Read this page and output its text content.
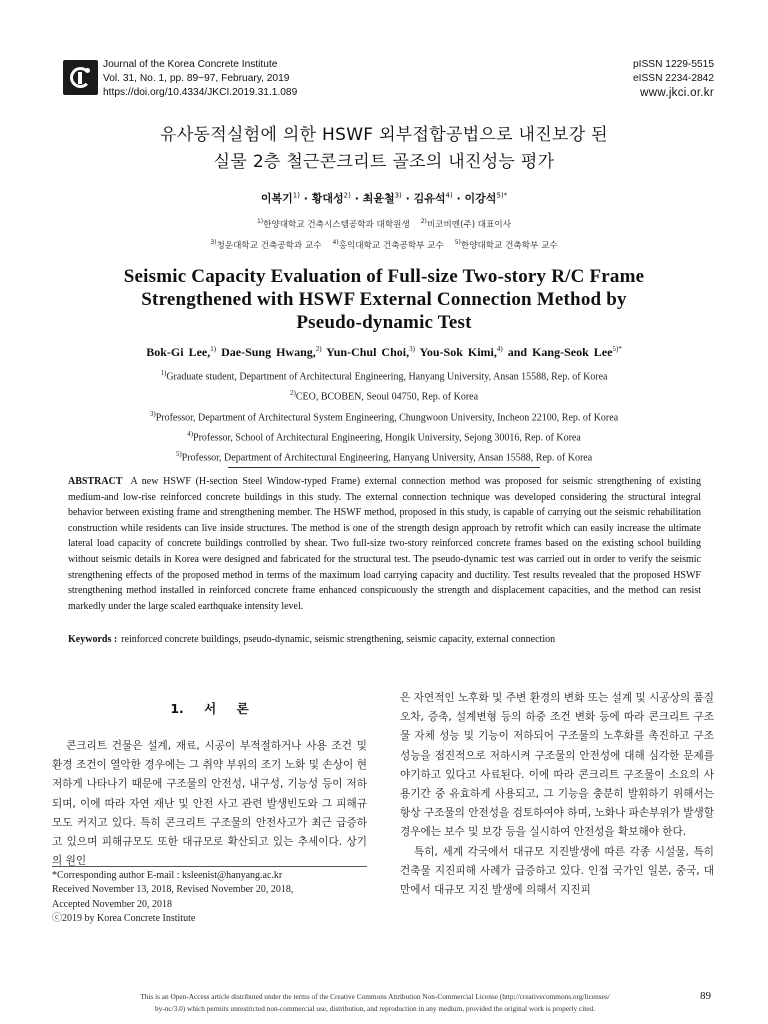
Journal of the Korea Concrete Institute
Vol. 31, No. 1, pp. 89~97, February, 2019
https://doi.org/10.4334/JKCI.2019.31.1.089
pISSN 1229-5515
eISSN 2234-2842
www.jkci.or.kr
유사동적실험에 의한 HSWF 외부접합공법으로 내진보강 된
실물 2층 철근콘크리트 골조의 내진성능 평가
이복기$^{1)}$ · 황대성$^{2)}$ · 최윤철$^{3)}$ · 김유석$^{4)}$ · 이강석$^{5)*}$
$^{1)}$한양대학교 건축시스템공학과 대학원생 $^{2)}$비코비엔(주) 대표이사
$^{3)}$청운대학교 건축공학과 교수 $^{4)}$홍익대학교 건축공학부 교수 $^{5)}$한양대학교 건축학부 교수
Seismic Capacity Evaluation of Full-size Two-story R/C Frame
Strengthened with HSWF External Connection Method by
Pseudo-dynamic Test
Bok-Gi Lee,$^{1)}$ Dae-Sung Hwang,$^{2)}$ Yun-Chul Choi,$^{3)}$ You-Sok Kimi,$^{4)}$ and Kang-Seok Lee$^{5)*}$
$^{1)}$Graduate student, Department of Architectural Engineering, Hanyang University, Ansan 15588, Rep. of Korea
$^{2)}$CEO, BCOBEN, Seoul 04750, Rep. of Korea
$^{3)}$Professor, Department of Architectural System Engineering, Chungwoon University, Incheon 22100, Rep. of Korea
$^{4)}$Professor, School of Architectural Engineering, Hongik University, Sejong 30016, Rep. of Korea
$^{5)}$Professor, Department of Architectural Engineering, Hanyang University, Ansan 15588, Rep. of Korea
ABSTRACT A new HSWF (H-section Steel Window-typed Frame) external connection method was proposed for seismic strengthening of existing medium-and low-rise reinforced concrete buildings in this study. The external connection technique was developed considering the structural integral behavior between existing frame and strengthening member. The HSWF method, proposed in this study, is capable of carrying out the seismic rehabilitation construction while residents can live inside structures. The method is one of the strength design approach by retrofit which can easily increase the ultimate lateral load capacity of concrete buildings controlled by shear. Two full-size two-story reinforced concrete frames based on the existing school building without seismic details in Korea were designed and fabricated for the structural test. The pseudo-dynamic test was carried out in order to verify the seismic strengthening effects of the proposed method in terms of the maximum load carrying capacity and ductility. Test results revealed that the proposed HSWF strengthening method installed in reinforced concrete frame enhanced conspicuously the strength and displacement capacities, and the method can resist markedly under the large scaled earthquake intensity level.
Keywords : reinforced concrete buildings, pseudo-dynamic, seismic strengthening, seismic capacity, external connection
1. 서 론
콘크리트 건물은 설계, 재료, 시공이 부적절하거나 사용 조건 및 환경 조건이 열악한 경우에는 그 취약 부위의 조기 노화 및 손상이 현저하게 나타나기 때문에 구조물의 안전성, 내구성, 기능성 등이 저하되며, 이에 따라 자연 재난 및 안전 사고 관련 발생빈도와 그 피해규모도 커지고 있다. 특히 콘크리트 구조물의 안전사고가 최근 급증하고 있으며 피해규모도 또한 대규모로 확산되고 있는 추세이다. 상기의 원인

은 자연적인 노후화 및 주변 환경의 변화 또는 설계 및 시공상의 품질 오차, 증축, 설계변형 등의 하중 조건 변화 등에 따라 콘크리트 구조물 자체 성능 및 기능이 저하되어 구조물의 노후화를 촉진하고 구조성능을 점진적으로 저하시켜 구조물의 안전성에 대해 심각한 문제를 야기하고 있다고 사료된다. 이에 따라 콘크리트 구조물이 소요의 사용기간 중 유효하게 사용되고, 그 기능을 충분히 발휘하기 위해서는 항상 구조물의 안전성을 검토하여야 하며, 노화나 파손부위가 발생할 경우에는 보수 및 보강 등을 실시하여 안전성을 확보해야 한다.

특히, 세계 각국에서 대규모 지진발생에 따른 각종 시설물, 특히 건축물 지진피해 사례가 급증하고 있다. 인접 국가인 일본, 중국, 대만에서 대규모 지진 발생에 의해서 지진피

*Corresponding author E-mail : ksleenist@hanyang.ac.kr
Received November 13, 2018, Revised November 20, 2018,
Accepted November 20, 2018
ⓒ2019 by Korea Concrete Institute
This is an Open-Access article distributed under the terms of the Creative Commons Attribution Non-Commercial License (http://creativecommons.org/licenses/
by-nc/3.0) which permits unrestricted non-commercial use, distribution, and reproduction in any medium, provided the original work is properly cited.
89
